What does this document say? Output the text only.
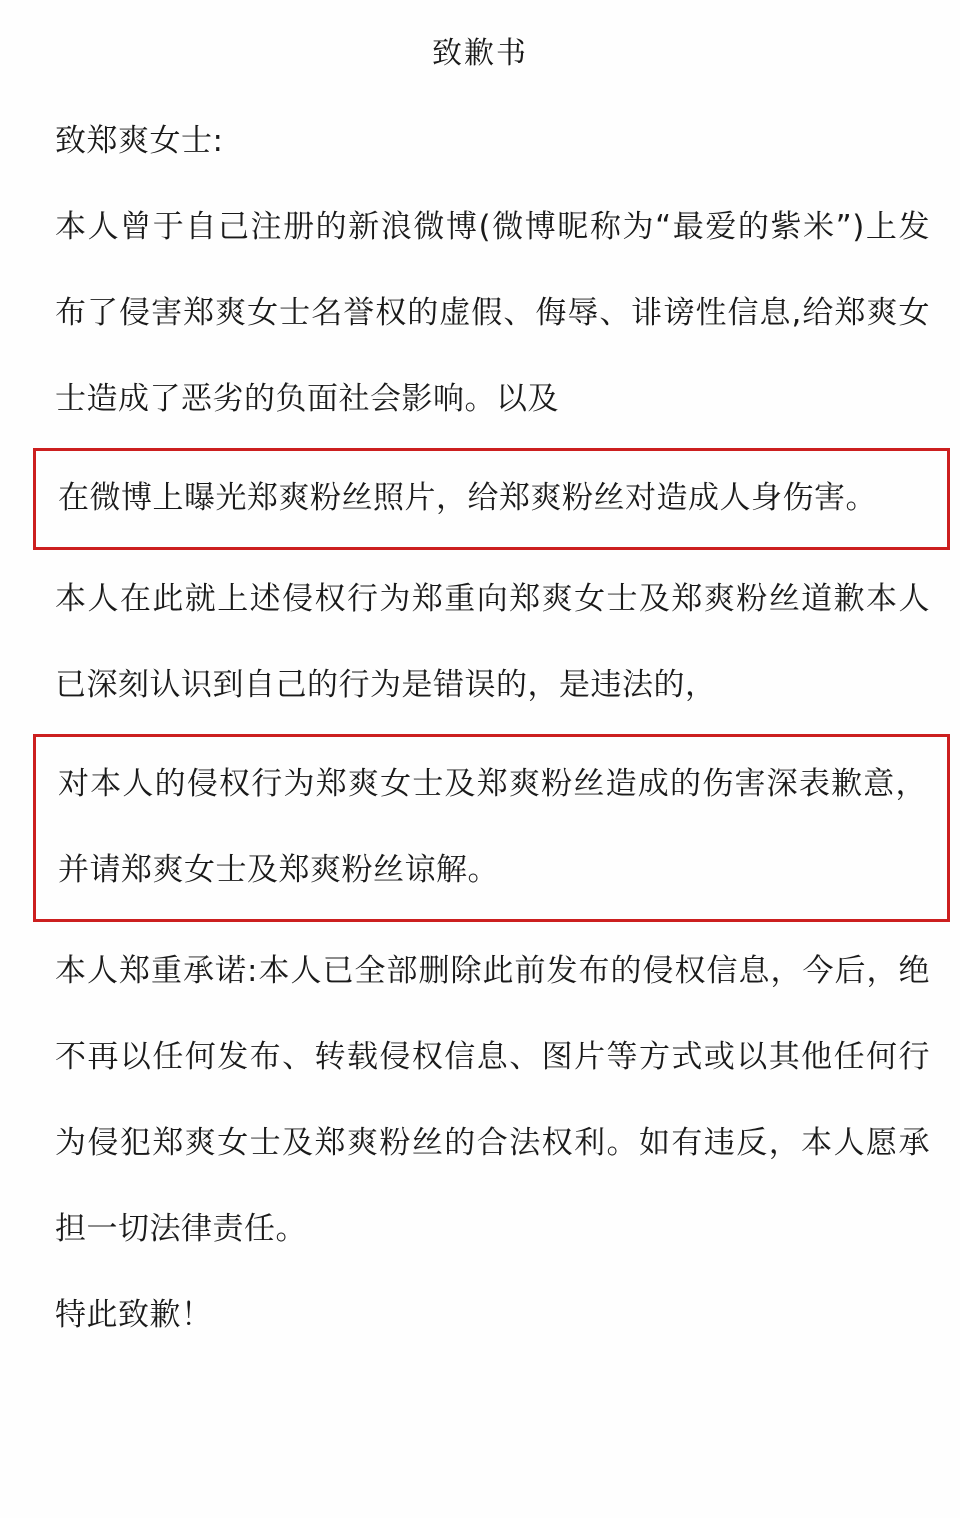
致歉书

致郑爽女士:

本人曾于自己注册的新浪微博(微博昵称为“最爱的紫米”)上发布了侵害郑爽女士名誉权的虚假、侮辱、诽谤性信息,给郑爽女士造成了恶劣的负面社会影响。以及

在微博上曝光郑爽粉丝照片，给郑爽粉丝对造成人身伤害。

本人在此就上述侵权行为郑重向郑爽女士及郑爽粉丝道歉本人已深刻认识到自己的行为是错误的，是违法的，

对本人的侵权行为郑爽女士及郑爽粉丝造成的伤害深表歉意，并请郑爽女士及郑爽粉丝谅解。

本人郑重承诺:本人已全部删除此前发布的侵权信息，今后，绝不再以任何发布、转载侵权信息、图片等方式或以其他任何行为侵犯郑爽女士及郑爽粉丝的合法权利。如有违反，本人愿承担一切法律责任。

特此致歉！
